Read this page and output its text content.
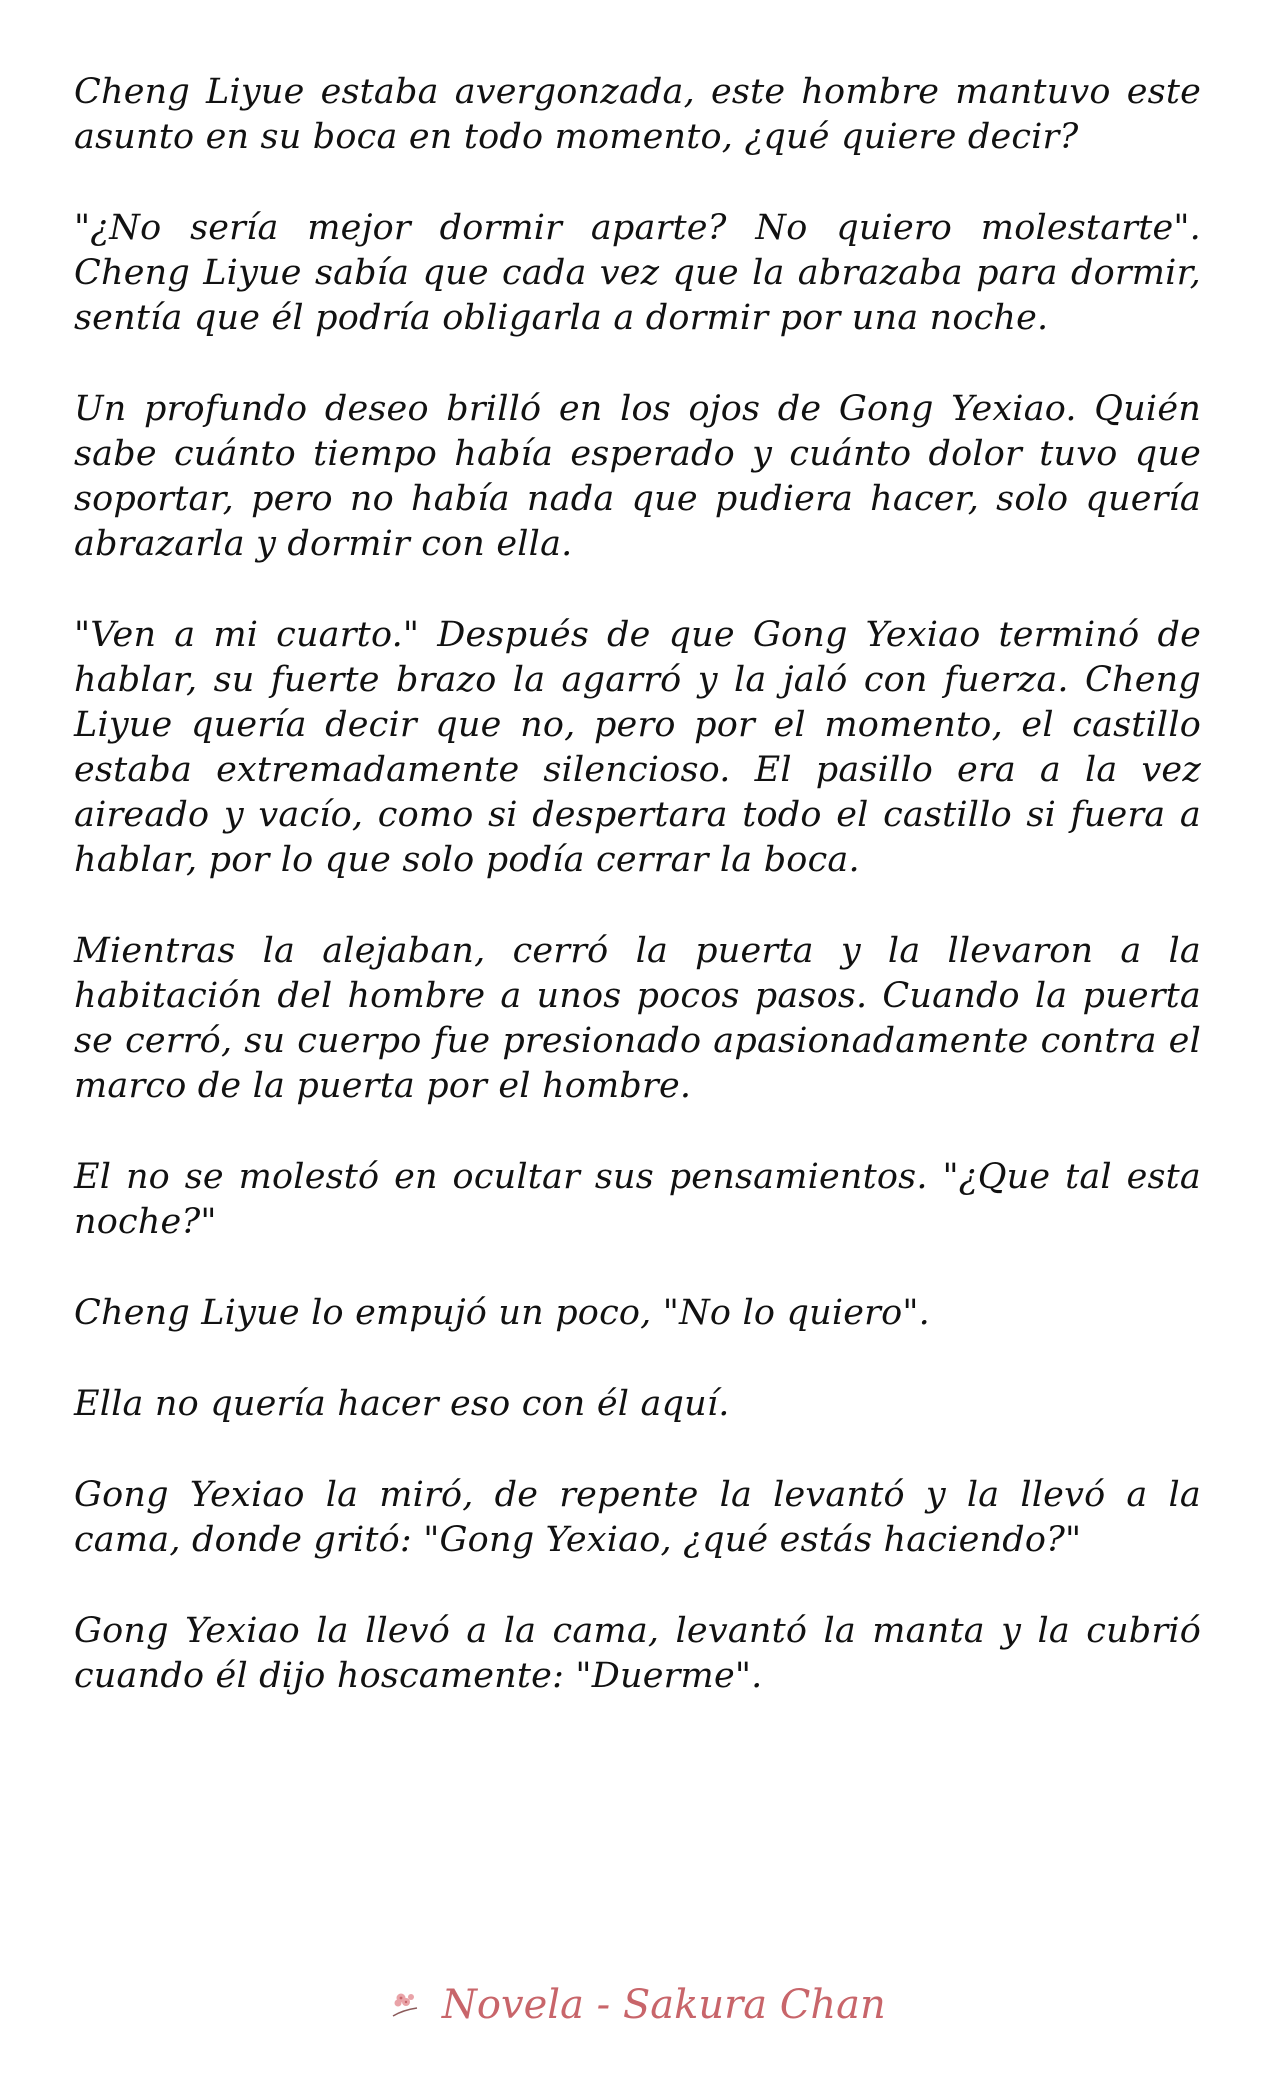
Cheng Liyue estaba avergonzada, este hombre mantuvo este asunto en su boca en todo momento, ¿qué quiere decir?

"¿No sería mejor dormir aparte? No quiero molestarte". Cheng Liyue sabía que cada vez que la abrazaba para dormir, sentía que él podría obligarla a dormir por una noche.

Un profundo deseo brilló en los ojos de Gong Yexiao. Quién sabe cuánto tiempo había esperado y cuánto dolor tuvo que soportar, pero no había nada que pudiera hacer, solo quería abrazarla y dormir con ella.

"Ven a mi cuarto." Después de que Gong Yexiao terminó de hablar, su fuerte brazo la agarró y la jaló con fuerza. Cheng Liyue quería decir que no, pero por el momento, el castillo estaba extremadamente silencioso. El pasillo era a la vez aireado y vacío, como si despertara todo el castillo si fuera a hablar, por lo que solo podía cerrar la boca.

Mientras la alejaban, cerró la puerta y la llevaron a la habitación del hombre a unos pocos pasos. Cuando la puerta se cerró, su cuerpo fue presionado apasionadamente contra el marco de la puerta por el hombre.

El no se molestó en ocultar sus pensamientos. "¿Que tal esta noche?"

Cheng Liyue lo empujó un poco, "No lo quiero".

Ella no quería hacer eso con él aquí.

Gong Yexiao la miró, de repente la levantó y la llevó a la cama, donde gritó: "Gong Yexiao, ¿qué estás haciendo?"

Gong Yexiao la llevó a la cama, levantó la manta y la cubrió cuando él dijo hoscamente: "Duerme".

Novela - Sakura Chan
